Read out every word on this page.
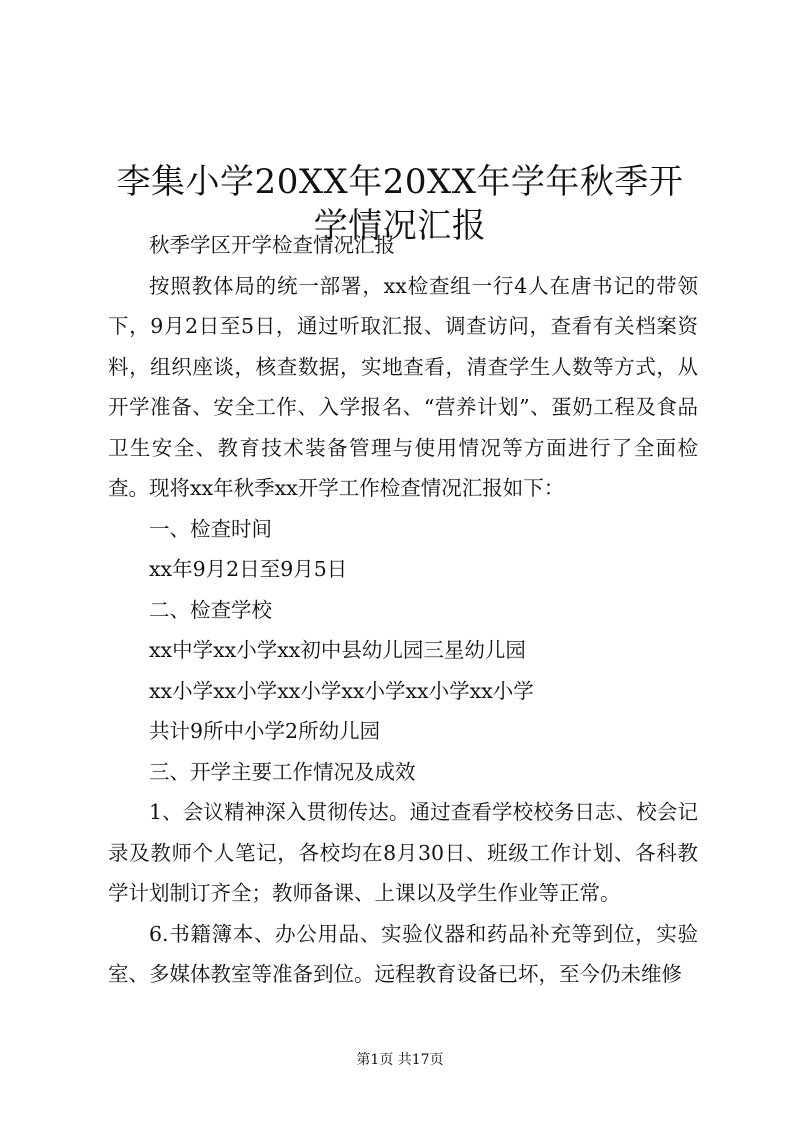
李集小学20XX年20XX年学年秋季开学情况汇报

秋季学区开学检查情况汇报

按照教体局的统一部署，xx检查组一行4人在唐书记的带领下，9月2日至5日，通过听取汇报、调查访问，查看有关档案资料，组织座谈，核查数据，实地查看，清查学生人数等方式，从开学准备、安全工作、入学报名、“营养计划”、蛋奶工程及食品卫生安全、教育技术装备管理与使用情况等方面进行了全面检查。现将xx年秋季xx开学工作检查情况汇报如下：

一、检查时间

xx年9月2日至9月5日

二、检查学校

xx中学xx小学xx初中县幼儿园三星幼儿园

xx小学xx小学xx小学xx小学xx小学xx小学

共计9所中小学2所幼儿园

三、开学主要工作情况及成效

1、会议精神深入贯彻传达。通过查看学校校务日志、校会记录及教师个人笔记，各校均在8月30日、班级工作计划、各科教学计划制订齐全；教师备课、上课以及学生作业等正常。

6.书籍簿本、办公用品、实验仪器和药品补充等到位，实验室、多媒体教室等准备到位。远程教育设备已坏，至今仍未维修

第1页 共17页
